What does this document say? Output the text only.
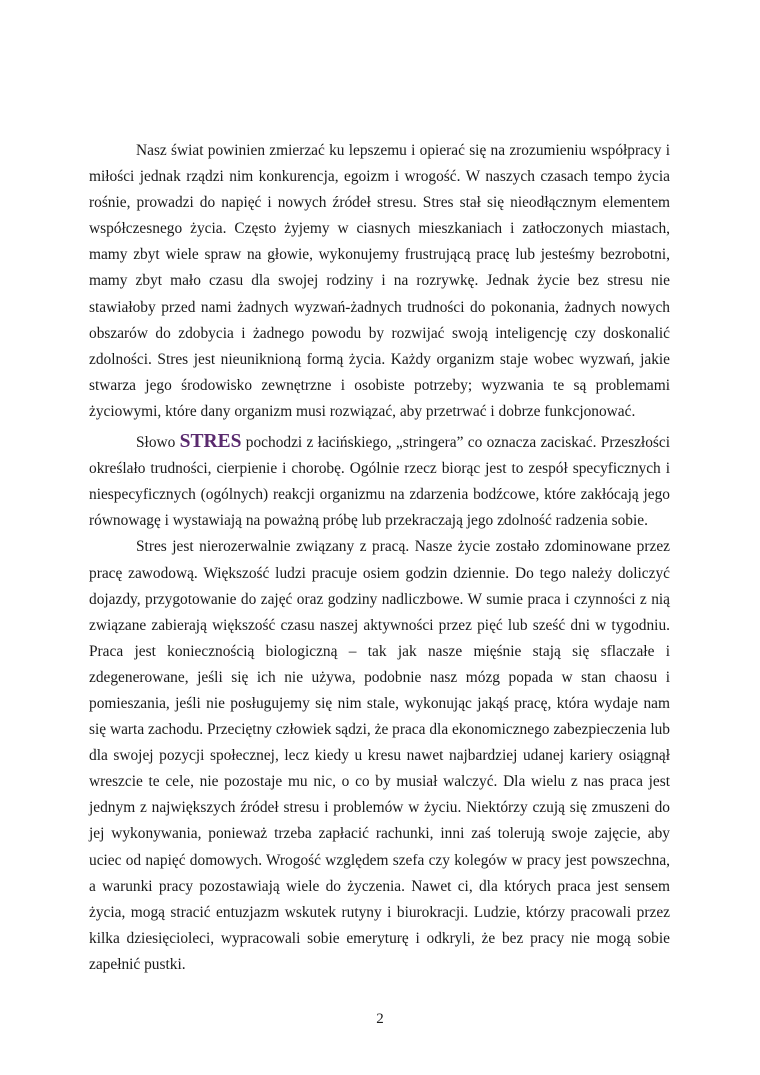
Nasz świat powinien zmierzać ku lepszemu i opierać się na zrozumieniu współpracy i miłości jednak rządzi nim konkurencja, egoizm i wrogość. W naszych czasach tempo życia rośnie, prowadzi do napięć i nowych źródeł stresu. Stres stał się nieodłącznym elementem współczesnego życia. Często żyjemy w ciasnych mieszkaniach i zatłoczonych miastach, mamy zbyt wiele spraw na głowie, wykonujemy frustrującą pracę lub jesteśmy bezrobotni, mamy zbyt mało czasu dla swojej rodziny i na rozrywkę. Jednak życie bez stresu nie stawiałoby przed nami żadnych wyzwań-żadnych trudności do pokonania, żadnych nowych obszarów do zdobycia i żadnego powodu by rozwijać swoją inteligencję czy doskonalić zdolności. Stres jest nieuniknioną formą życia. Każdy organizm staje wobec wyzwań, jakie stwarza jego środowisko zewnętrzne i osobiste potrzeby; wyzwania te są problemami życiowymi, które dany organizm musi rozwiązać, aby przetrwać i dobrze funkcjonować.

Słowo STRES pochodzi z łacińskiego, „stringera” co oznacza zaciskać. Przeszłości określało trudności, cierpienie i chorobę. Ogólnie rzecz biorąc jest to zespół specyficznych i niespecyficznych (ogólnych) reakcji organizmu na zdarzenia bodźcowe, które zakłócają jego równowagę i wystawiają na poważną próbę lub przekraczają jego zdolność radzenia sobie.

Stres jest nierozerwalnie związany z pracą. Nasze życie zostało zdominowane przez pracę zawodową. Większość ludzi pracuje osiem godzin dziennie. Do tego należy doliczyć dojazdy, przygotowanie do zajęć oraz godziny nadliczbowe. W sumie praca i czynności z nią związane zabierają większość czasu naszej aktywności przez pięć lub sześć dni w tygodniu. Praca jest koniecznością biologiczną – tak jak nasze mięśnie stają się sflaczałe i zdegenerowane, jeśli się ich nie używa, podobnie nasz mózg popada w stan chaosu i pomieszania, jeśli nie posługujemy się nim stale, wykonując jakąś pracę, która wydaje nam się warta zachodu. Przeciętny człowiek sądzi, że praca dla ekonomicznego zabezpieczenia lub dla swojej pozycji społecznej, lecz kiedy u kresu nawet najbardziej udanej kariery osiągnął wreszcie te cele, nie pozostaje mu nic, o co by musiał walczyć. Dla wielu z nas praca jest jednym z największych źródeł stresu i problemów w życiu. Niektórzy czują się zmuszeni do jej wykonywania, ponieważ trzeba zapłacić rachunki, inni zaś tolerują swoje zajęcie, aby uciec od napięć domowych. Wrogość względem szefa czy kolegów w pracy jest powszechna, a warunki pracy pozostawiają wiele do życzenia. Nawet ci, dla których praca jest sensem życia, mogą stracić entuzjazm wskutek rutyny i biurokracji. Ludzie, którzy pracowali przez kilka dziesięcioleci, wypracowali sobie emeryturę i odkryli, że bez pracy nie mogą sobie zapełnić pustki.

2
